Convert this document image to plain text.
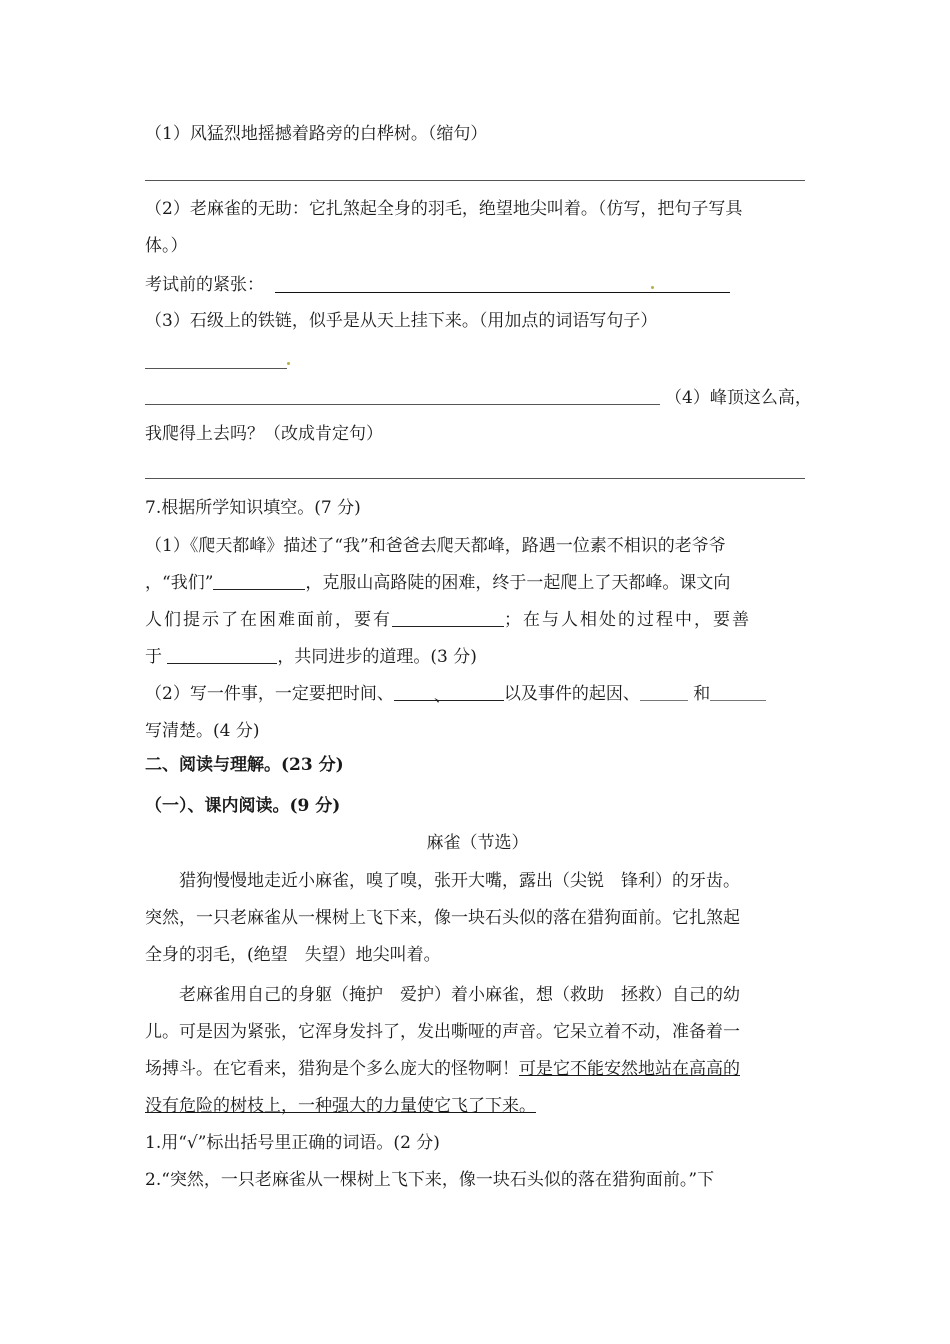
（1）风猛烈地摇撼着路旁的白桦树。（缩句）
（2）老麻雀的无助：它扎煞起全身的羽毛，绝望地尖叫着。（仿写，把句子写具
体。）
考试前的紧张：
（3）石级上的铁链，似乎是从天上挂下来。（用加点的词语写句子）
（4）峰顶这么高，
我爬得上去吗？（改成肯定句）
7.根据所学知识填空。(7 分)
（1）《爬天都峰》描述了“我”和爸爸去爬天都峰，路遇一位素不相识的老爷爷
，“我们”	，克服山高路陡的困难，终于一起爬上了天都峰。课文向
人们提示了在困难面前，要有	；在与人相处的过程中，要善
于	，共同进步的道理。(3 分)
（2）写一件事，一定要把时间、 、	以及事件的起因、	和
写清楚。(4 分)
二、阅读与理解。(23 分)
（一）、课内阅读。(9 分)
麻雀（节选）
猎狗慢慢地走近小麻雀，嗅了嗅，张开大嘴，露出（尖锐　锋利）的牙齿。
突然，一只老麻雀从一棵树上飞下来，像一块石头似的落在猎狗面前。它扎煞起
全身的羽毛，(绝望　失望）地尖叫着。
老麻雀用自己的身躯（掩护　爱护）着小麻雀，想（救助　拯救）自己的幼
儿。可是因为紧张，它浑身发抖了，发出嘶哑的声音。它呆立着不动，准备着一
场搏斗。在它看来，猎狗是个多么庞大的怪物啊！可是它不能安然地站在高高的
没有危险的树枝上，一种强大的力量使它飞了下来。
1.用“√”标出括号里正确的词语。(2 分)
2.“突然，一只老麻雀从一棵树上飞下来，像一块石头似的落在猎狗面前。”下
